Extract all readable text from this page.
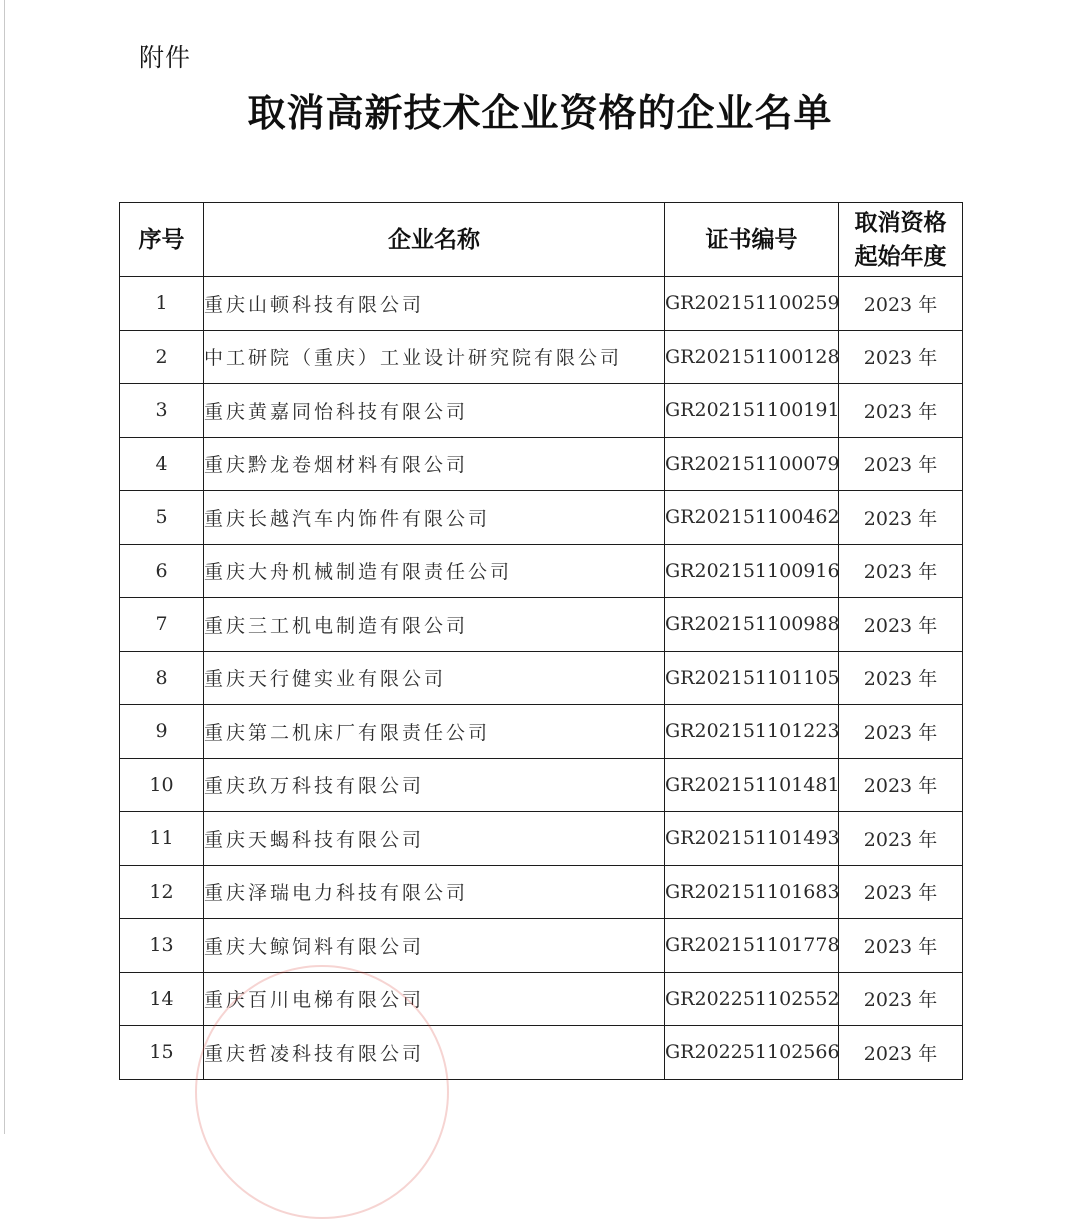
附件
取消高新技术企业资格的企业名单
序号	企业名称	证书编号	取消资格
起始年度

1	重庆山顿科技有限公司	GR202151100259	2023 年
2	中工研院（重庆）工业设计研究院有限公司	GR202151100128	2023 年
3	重庆黄嘉同怡科技有限公司	GR202151100191	2023 年
4	重庆黔龙卷烟材料有限公司	GR202151100079	2023 年
5	重庆长越汽车内饰件有限公司	GR202151100462	2023 年
6	重庆大舟机械制造有限责任公司	GR202151100916	2023 年
7	重庆三工机电制造有限公司	GR202151100988	2023 年
8	重庆天行健实业有限公司	GR202151101105	2023 年
9	重庆第二机床厂有限责任公司	GR202151101223	2023 年
10	重庆玖万科技有限公司	GR202151101481	2023 年
11	重庆天蝎科技有限公司	GR202151101493	2023 年
12	重庆泽瑞电力科技有限公司	GR202151101683	2023 年
13	重庆大鲸饲料有限公司	GR202151101778	2023 年
14	重庆百川电梯有限公司	GR202251102552	2023 年
15	重庆哲凌科技有限公司	GR202251102566	2023 年
